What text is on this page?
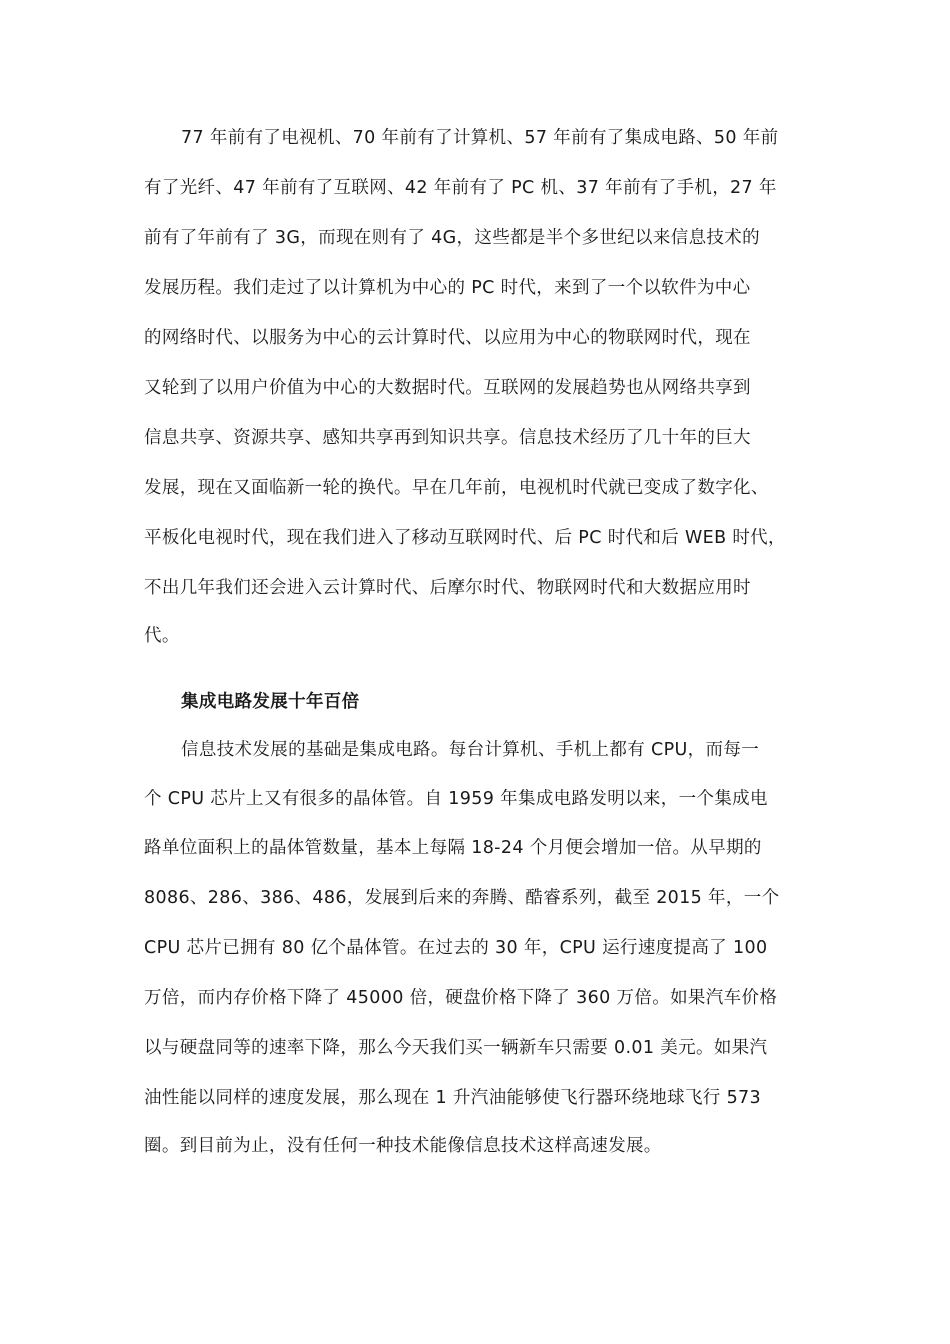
77 年前有了电视机、70 年前有了计算机、57 年前有了集成电路、50 年前
有了光纤、47 年前有了互联网、42 年前有了 PC 机、37 年前有了手机，27 年
前有了年前有了 3G，而现在则有了 4G，这些都是半个多世纪以来信息技术的
发展历程。我们走过了以计算机为中心的 PC 时代，来到了一个以软件为中心
的网络时代、以服务为中心的云计算时代、以应用为中心的物联网时代，现在
又轮到了以用户价值为中心的大数据时代。互联网的发展趋势也从网络共享到
信息共享、资源共享、感知共享再到知识共享。信息技术经历了几十年的巨大
发展，现在又面临新一轮的换代。早在几年前，电视机时代就已变成了数字化、
平板化电视时代，现在我们进入了移动互联网时代、后 PC 时代和后 WEB 时代，
不出几年我们还会进入云计算时代、后摩尔时代、物联网时代和大数据应用时
代。
集成电路发展十年百倍
信息技术发展的基础是集成电路。每台计算机、手机上都有 CPU，而每一
个 CPU 芯片上又有很多的晶体管。自 1959 年集成电路发明以来，一个集成电
路单位面积上的晶体管数量，基本上每隔 18-24 个月便会增加一倍。从早期的
8086、286、386、486，发展到后来的奔腾、酷睿系列，截至 2015 年，一个
CPU 芯片已拥有 80 亿个晶体管。在过去的 30 年，CPU 运行速度提高了 100
万倍，而内存价格下降了 45000 倍，硬盘价格下降了 360 万倍。如果汽车价格
以与硬盘同等的速率下降，那么今天我们买一辆新车只需要 0.01 美元。如果汽
油性能以同样的速度发展，那么现在 1 升汽油能够使飞行器环绕地球飞行 573
圈。到目前为止，没有任何一种技术能像信息技术这样高速发展。
